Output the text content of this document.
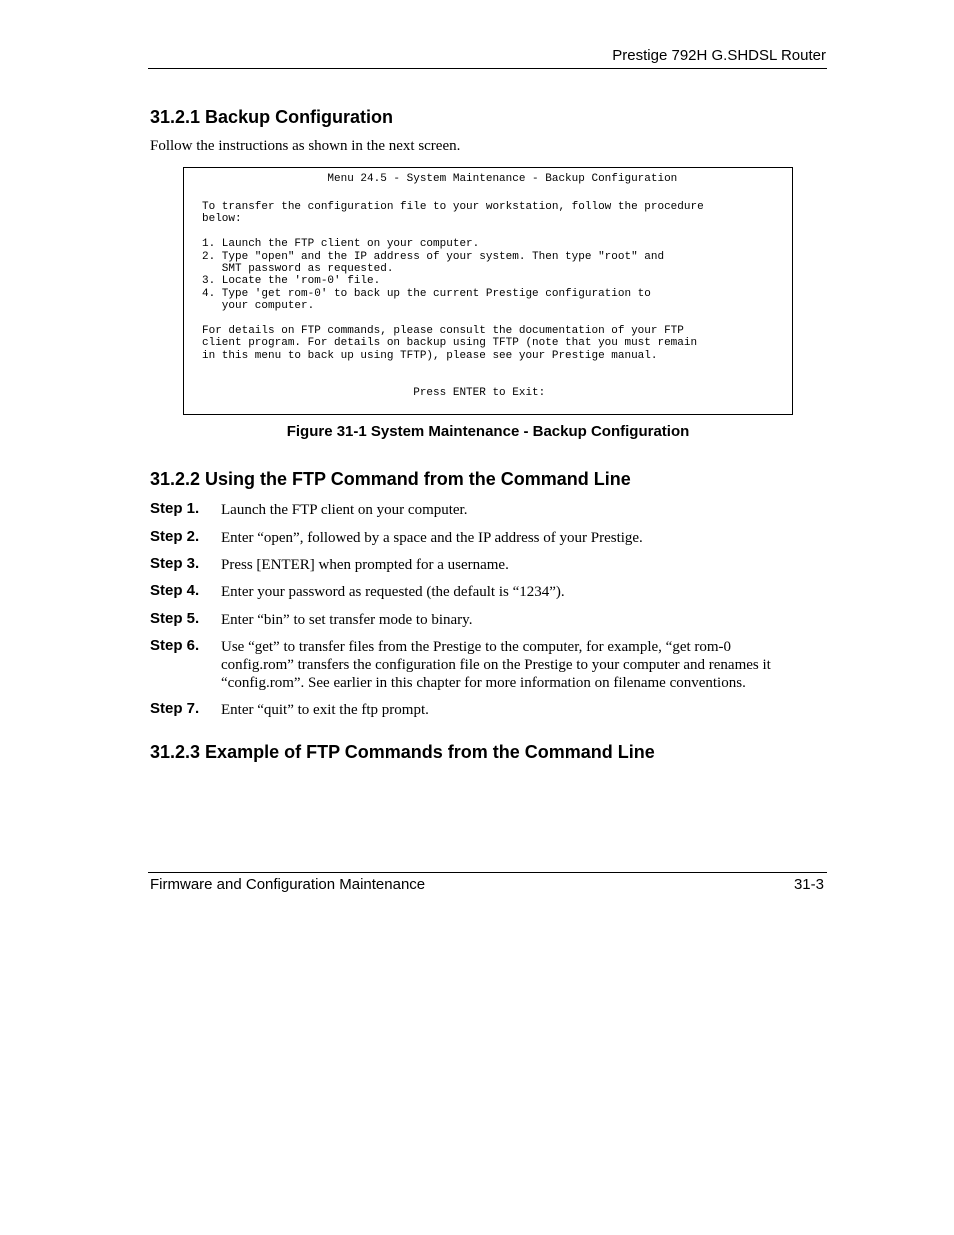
Prestige 792H G.SHDSL Router
31.2.1 Backup Configuration
Follow the instructions as shown in the next screen.
Menu 24.5 - System Maintenance - Backup Configuration
To transfer the configuration file to your workstation, follow the procedure
below:
1. Launch the FTP client on your computer.
2. Type "open" and the IP address of your system. Then type "root" and
SMT password as requested.
3. Locate the 'rom-0' file.
4. Type 'get rom-0' to back up the current Prestige configuration to
your computer.
For details on FTP commands, please consult the documentation of your FTP
client program. For details on backup using TFTP (note that you must remain
in this menu to back up using TFTP), please see your Prestige manual.
Press ENTER to Exit:
Figure 31-1 System Maintenance - Backup Configuration
31.2.2 Using the FTP Command from the Command Line
Step 1. Launch the FTP client on your computer.
Step 2. Enter “open”, followed by a space and the IP address of your Prestige.
Step 3. Press [ENTER] when prompted for a username.
Step 4. Enter your password as requested (the default is “1234”).
Step 5. Enter “bin” to set transfer mode to binary.
Step 6. Use “get” to transfer files from the Prestige to the computer, for example, “get rom-0 config.rom” transfers the configuration file on the Prestige to your computer and renames it “config.rom”. See earlier in this chapter for more information on filename conventions.
Step 7. Enter “quit” to exit the ftp prompt.
31.2.3 Example of FTP Commands from the Command Line
Firmware and Configuration Maintenance	31-3
